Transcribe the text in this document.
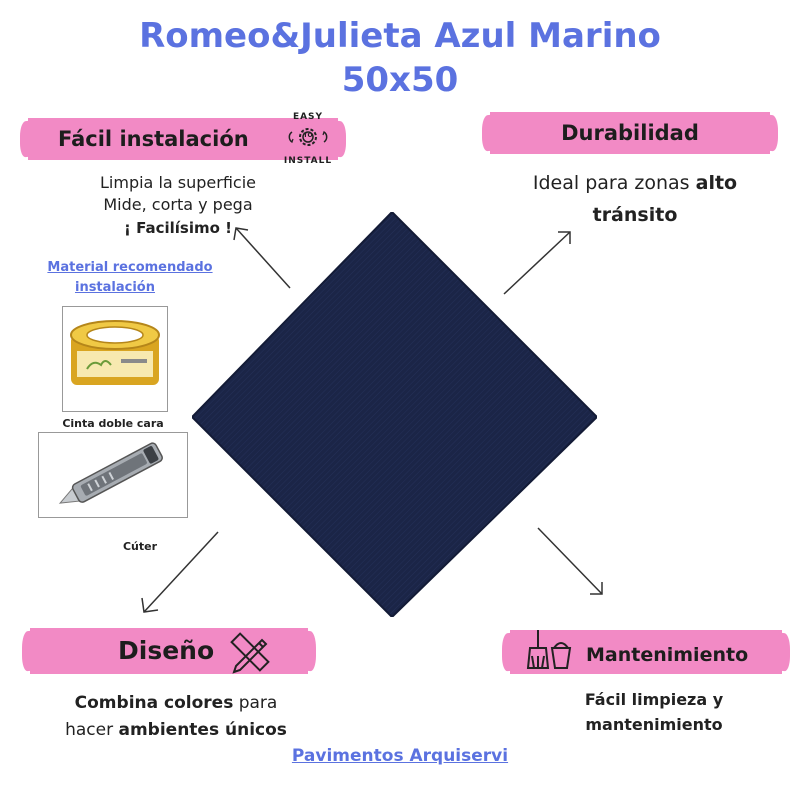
Romeo&Julieta Azul Marino
50x50
Fácil instalación
EASY
TO
INSTALL
Limpia la superficie
Mide, corta y pega
¡ Facilísimo !
Material recomendado
instalación
Cinta doble cara
Cúter
Durabilidad
Ideal para zonas alto
tránsito
Diseño
Combina colores para
hacer ambientes únicos
Mantenimiento
Fácil limpieza y
mantenimiento
Pavimentos Arquiservi
